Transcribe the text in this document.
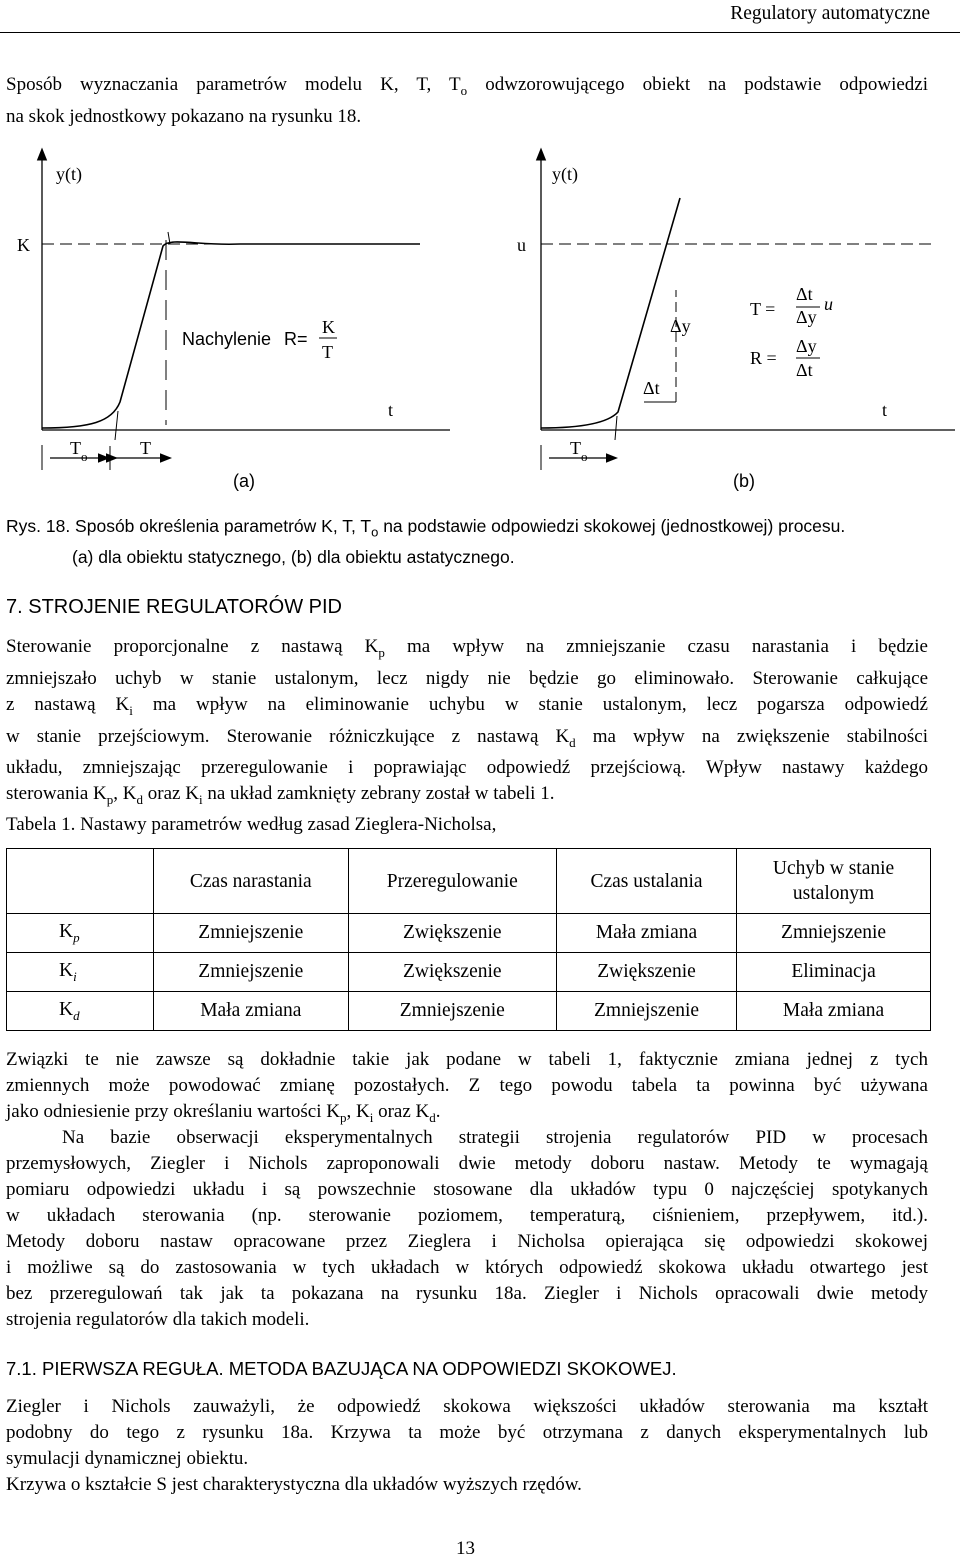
Regulatory automatyczne
Sposób wyznaczania parametrów modelu K, T, $T_o$ odwzorowującego obiekt na podstawie odpowiedzi
na skok jednostkowy pokazano na rysunku 18.
y(t)
K
Nachylenie R=
K
T
t
$T_o$	T
(a)
y(t)
u
Δy
Δt
T =
Δt
Δy
u
R =
Δy
Δt
t
$T_o$
(b)
Rys. 18. Sposób określenia parametrów K, T, $T_o$ na podstawie odpowiedzi skokowej (jednostkowej) procesu.
(a) dla obiektu statycznego, (b) dla obiektu astatycznego.
7. STROJENIE REGULATORÓW PID
Sterowanie proporcjonalne z nastawą $K_p$ ma wpływ na zmniejszanie czasu narastania i będzie
zmniejszało uchyb w stanie ustalonym, lecz nigdy nie będzie go eliminowało. Sterowanie całkujące
z nastawą $K_i$ ma wpływ na eliminowanie uchybu w stanie ustalonym, lecz pogarsza odpowiedź
w stanie przejściowym. Sterowanie różniczkujące z nastawą $K_d$ ma wpływ na zwiększenie stabilności
układu, zmniejszając przeregulowanie i poprawiając odpowiedź przejściową. Wpływ nastawy każdego
sterowania $K_p$, $K_d$ oraz $K_i$ na układ zamknięty zebrany został w tabeli 1.
Tabela 1. Nastawy parametrów według zasad Zieglera-Nicholsa,
	Czas narastania	Przeregulowanie	Czas ustalania	Uchyb w stanie
ustalonym
$K_p$	Zmniejszenie	Zwiększenie	Mała zmiana	Zmniejszenie
$K_i$	Zmniejszenie	Zwiększenie	Zwiększenie	Eliminacja
$K_d$	Mała zmiana	Zmniejszenie	Zmniejszenie	Mała zmiana
Związki te nie zawsze są dokładnie takie jak podane w tabeli 1, faktycznie zmiana jednej z tych
zmiennych może powodować zmianę pozostałych. Z tego powodu tabela ta powinna być używana
jako odniesienie przy określaniu wartości $K_p$, $K_i$ oraz $K_d$.
Na bazie obserwacji eksperymentalnych strategii strojenia regulatorów PID w procesach
przemysłowych, Ziegler i Nichols zaproponowali dwie metody doboru nastaw. Metody te wymagają
pomiaru odpowiedzi układu i są powszechnie stosowane dla układów typu 0 najczęściej spotykanych
w układach sterowania (np. sterowanie poziomem, temperaturą, ciśnieniem, przepływem, itd.).
Metody doboru nastaw opracowane przez Zieglera i Nicholsa opierająca się odpowiedzi skokowej
i możliwe są do zastosowania w tych układach w których odpowiedź skokowa układu otwartego jest
bez przeregulowań tak jak ta pokazana na rysunku 18a. Ziegler i Nichols opracowali dwie metody
strojenia regulatorów dla takich modeli.
7.1. PIERWSZA REGUŁA. METODA BAZUJĄCA NA ODPOWIEDZI SKOKOWEJ.
Ziegler i Nichols zauważyli, że odpowiedź skokowa większości układów sterowania ma kształt
podobny do tego z rysunku 18a. Krzywa ta może być otrzymana z danych eksperymentalnych lub
symulacji dynamicznej obiektu.
Krzywa o kształcie S jest charakterystyczna dla układów wyższych rzędów.
13
